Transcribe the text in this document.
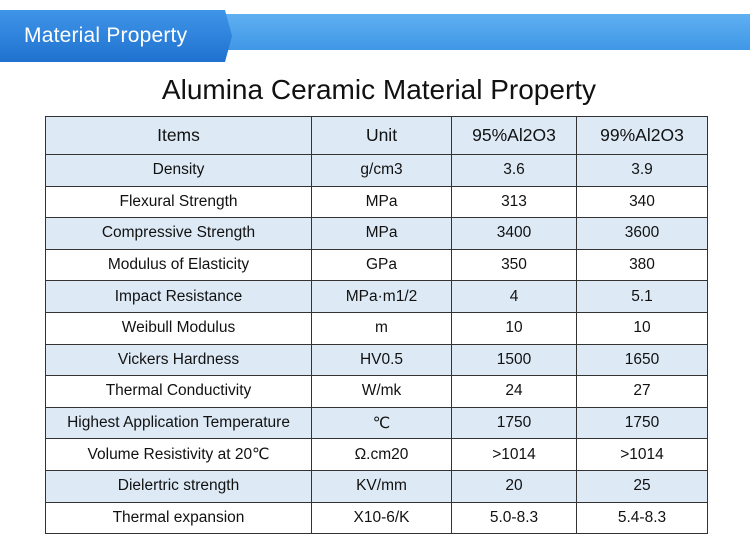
Material Property
Alumina Ceramic Material Property
Items	Unit	95%Al2O3	99%Al2O3
Density	g/cm3	3.6	3.9
Flexural Strength	MPa	313	340
Compressive Strength	MPa	3400	3600
Modulus of Elasticity	GPa	350	380
Impact Resistance	MPa·m1/2	4	5.1
Weibull Modulus	m	10	10
Vickers Hardness	HV0.5	1500	1650
Thermal Conductivity	W/mk	24	27
Highest Application Temperature	℃	1750	1750
Volume Resistivity at 20℃	Ω.cm20	>1014	>1014
Dielertric strength	KV/mm	20	25
Thermal expansion	X10-6/K	5.0-8.3	5.4-8.3
